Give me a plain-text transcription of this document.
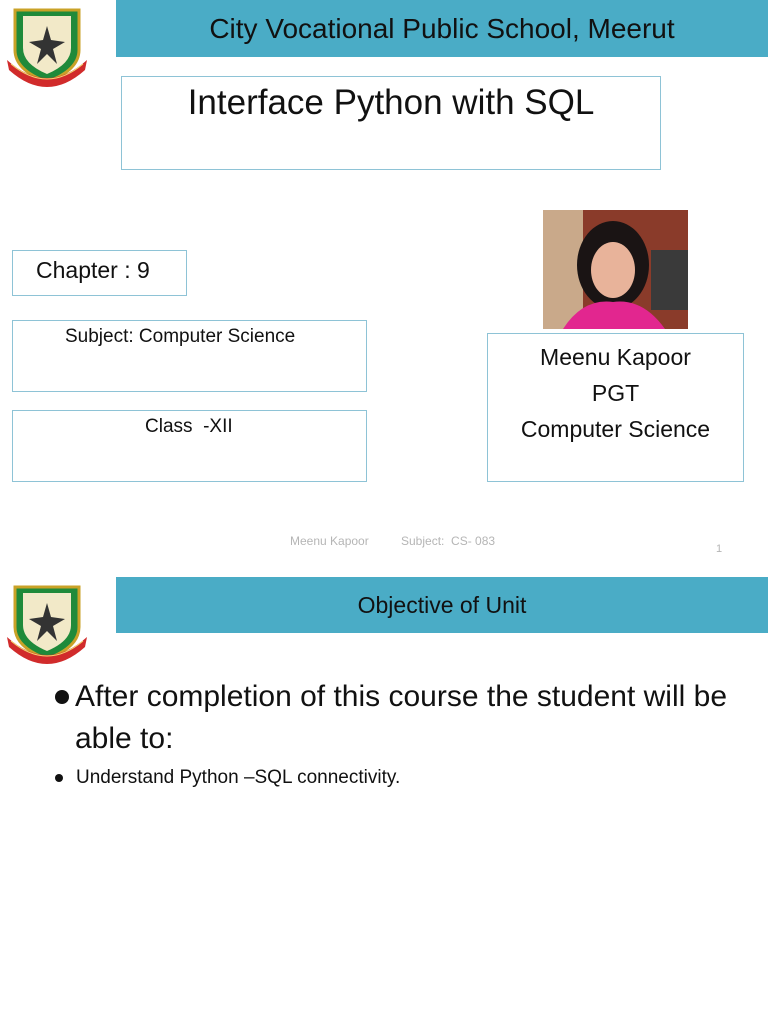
City Vocational Public School, Meerut
Interface Python with SQL
Chapter : 9
Subject: Computer Science
Class  -XII
Meenu Kapoor
PGT
Computer Science
Meenu Kapoor	Subject:  CS- 083
1
Objective of Unit
After completion of this course the student will be able to:
Understand Python –SQL connectivity.
